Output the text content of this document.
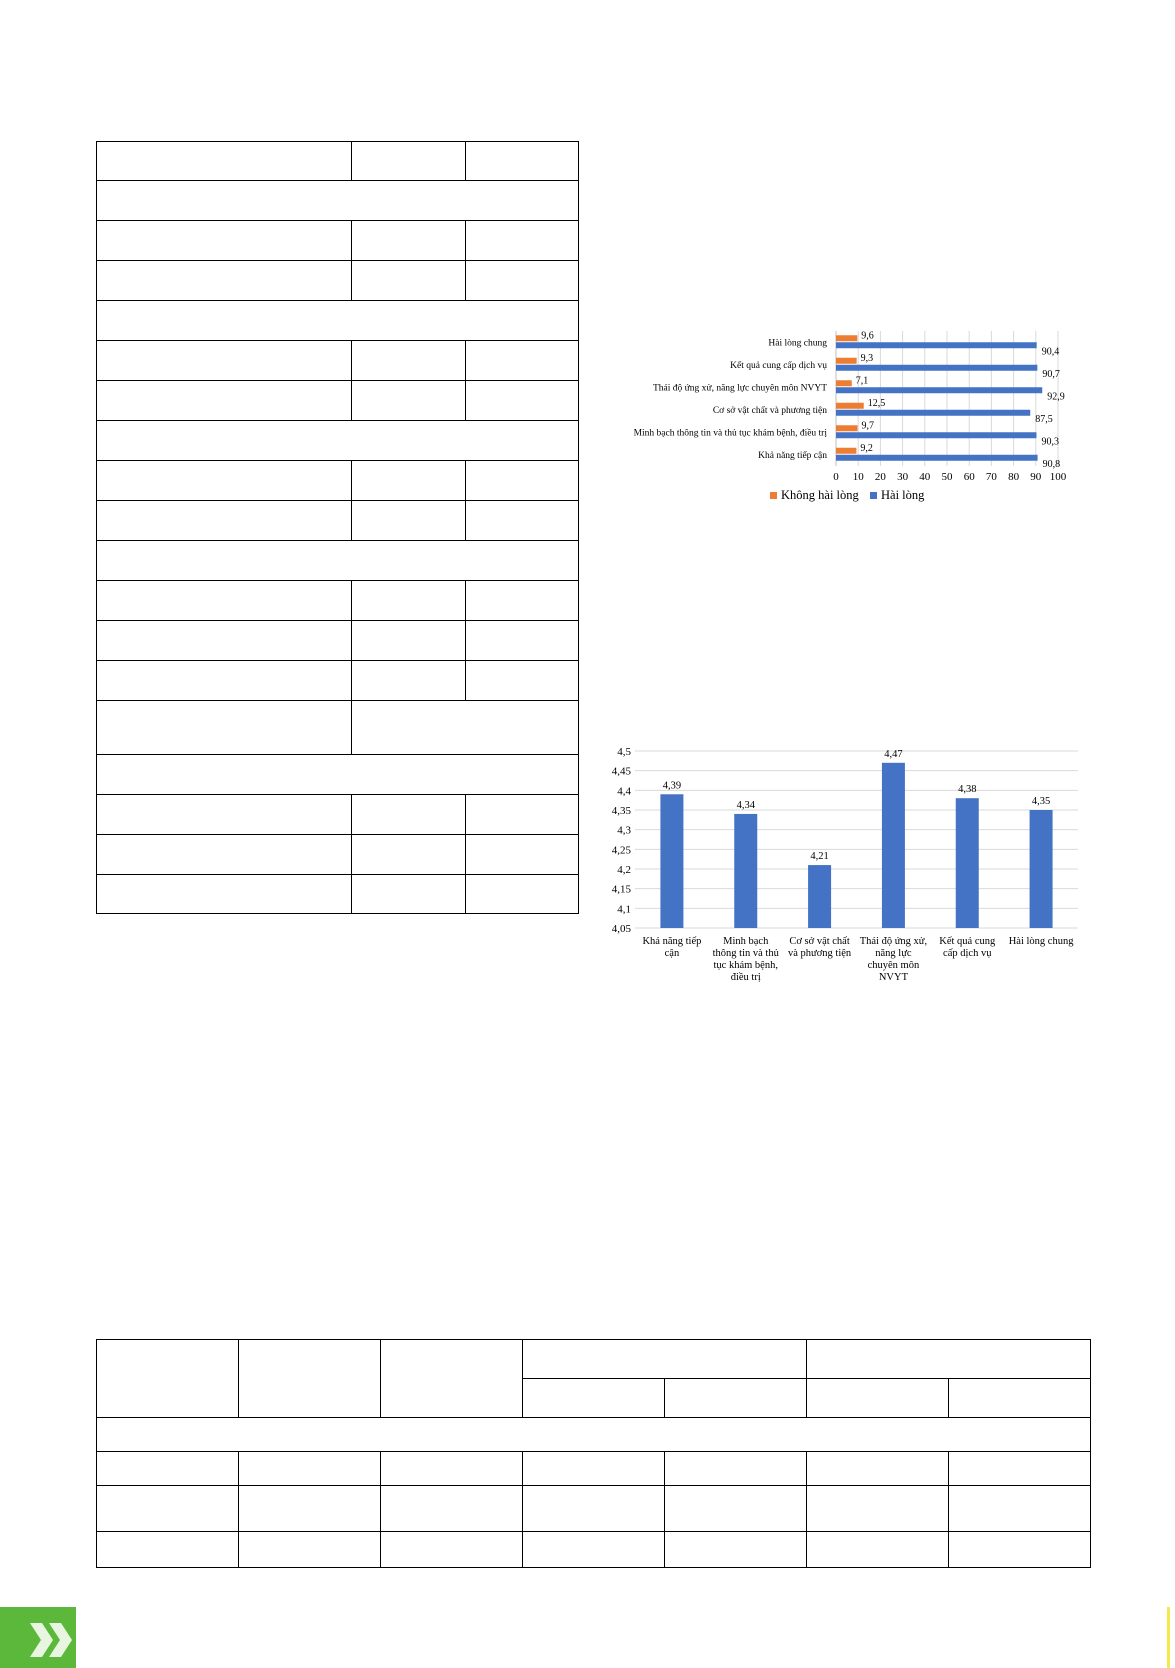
0 10 20 30 40 50 60 70 80 90 100
Hài lòng chung
9,6
90,4
Kết quả cung cấp dịch vụ
9,3
90,7
Thái độ ứng xử, năng lực chuyên môn NVYT
7,1
92,9
Cơ sở vật chất và phương tiện
12,5
87,5
Minh bạch thông tin và thủ tục khám bệnh, điều trị
9,7
90,3
Khả năng tiếp cận
9,2
90,8
Không hài lòng Hài lòng
4,05
4,1
4,15
4,2
4,25
4,3
4,35
4,4
4,45
4,5
4,39
Khả năng tiếp cận
4,34
Minh bạch thông tin và thủ tục khám bệnh, điều trị
4,21
Cơ sở vật chất và phương tiện
4,47
Thái độ ứng xử, năng lực chuyên môn NVYT
4,38
Kết quả cung cấp dịch vụ
4,35
Hài lòng chung
